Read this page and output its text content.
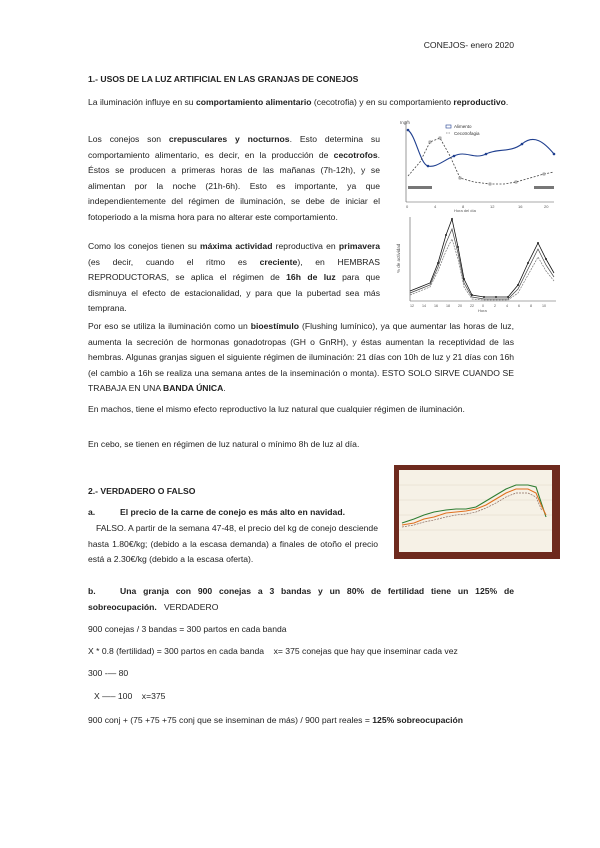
CONEJOS- enero 2020
1.- USOS DE LA LUZ ARTIFICIAL EN LAS GRANJAS DE CONEJOS
La iluminación influye en su comportamiento alimentario (cecotrofia) y en su comportamiento reproductivo.
Los conejos son crepusculares y nocturnos. Esto determina su comportamiento alimentario, es decir, en la producción de cecotrofos. Éstos se producen a primeras horas de las mañanas (7h-12h), y se alimentan por la noche (21h-6h). Esto es importante, ya que independientemente del régimen de iluminación, se debe de iniciar el fotoperiodo a la misma hora para no alterar este comportamiento.
Como los conejos tienen su máxima actividad reproductiva en primavera (es decir, cuando el ritmo es creciente), en HEMBRAS REPRODUCTORAS, se aplica el régimen de 16h de luz para que disminuya el efecto de estacionalidad, y para que la pubertad sea más temprana.
Ing/h
Alimento
Cecotrofagia
0	4	8	12	16	20
Hora del día
% de actividad
12 14 16 18 20 22 0	2	4	6	8	10
Hora
Por eso se utiliza la iluminación como un bioestímulo (Flushing lumínico), ya que aumentar las horas de luz, aumenta la secreción de hormonas gonadotropas (GH o GnRH), y éstas aumentan la receptividad de las hembras. Algunas granjas siguen el siguiente régimen de iluminación: 21 días con 10h de luz y 21 días con 16h (el cambio a 16h se realiza una semana antes de la inseminación o monta). ESTO SOLO SIRVE CUANDO SE TRABAJA EN UNA BANDA ÚNICA.
En machos, tiene el mismo efecto reproductivo la luz natural que cualquier régimen de iluminación.
En cebo, se tienen en régimen de luz natural o mínimo 8h de luz al día.
2.- VERDADERO O FALSO
a.	El precio de la carne de conejo es más alto en navidad.
FALSO. A partir de la semana 47-48, el precio del kg de conejo desciende hasta 1.80€/kg; (debido a la escasa demanda) a finales de otoño el precio está a 2.30€/kg (debido a la escasa oferta).
b.	Una granja con 900 conejas a 3 bandas y un 80% de fertilidad tiene un 125% de sobreocupación. VERDADERO
900 conejas / 3 bandas = 300 partos en cada banda
X * 0.8 (fertilidad) = 300 partos en cada banda    x= 375 conejas que hay que inseminar cada vez
300 -— 80
X —– 100    x=375
900 conj + (75 +75 +75 conj que se inseminan de más) / 900 part reales = 125% sobreocupación
